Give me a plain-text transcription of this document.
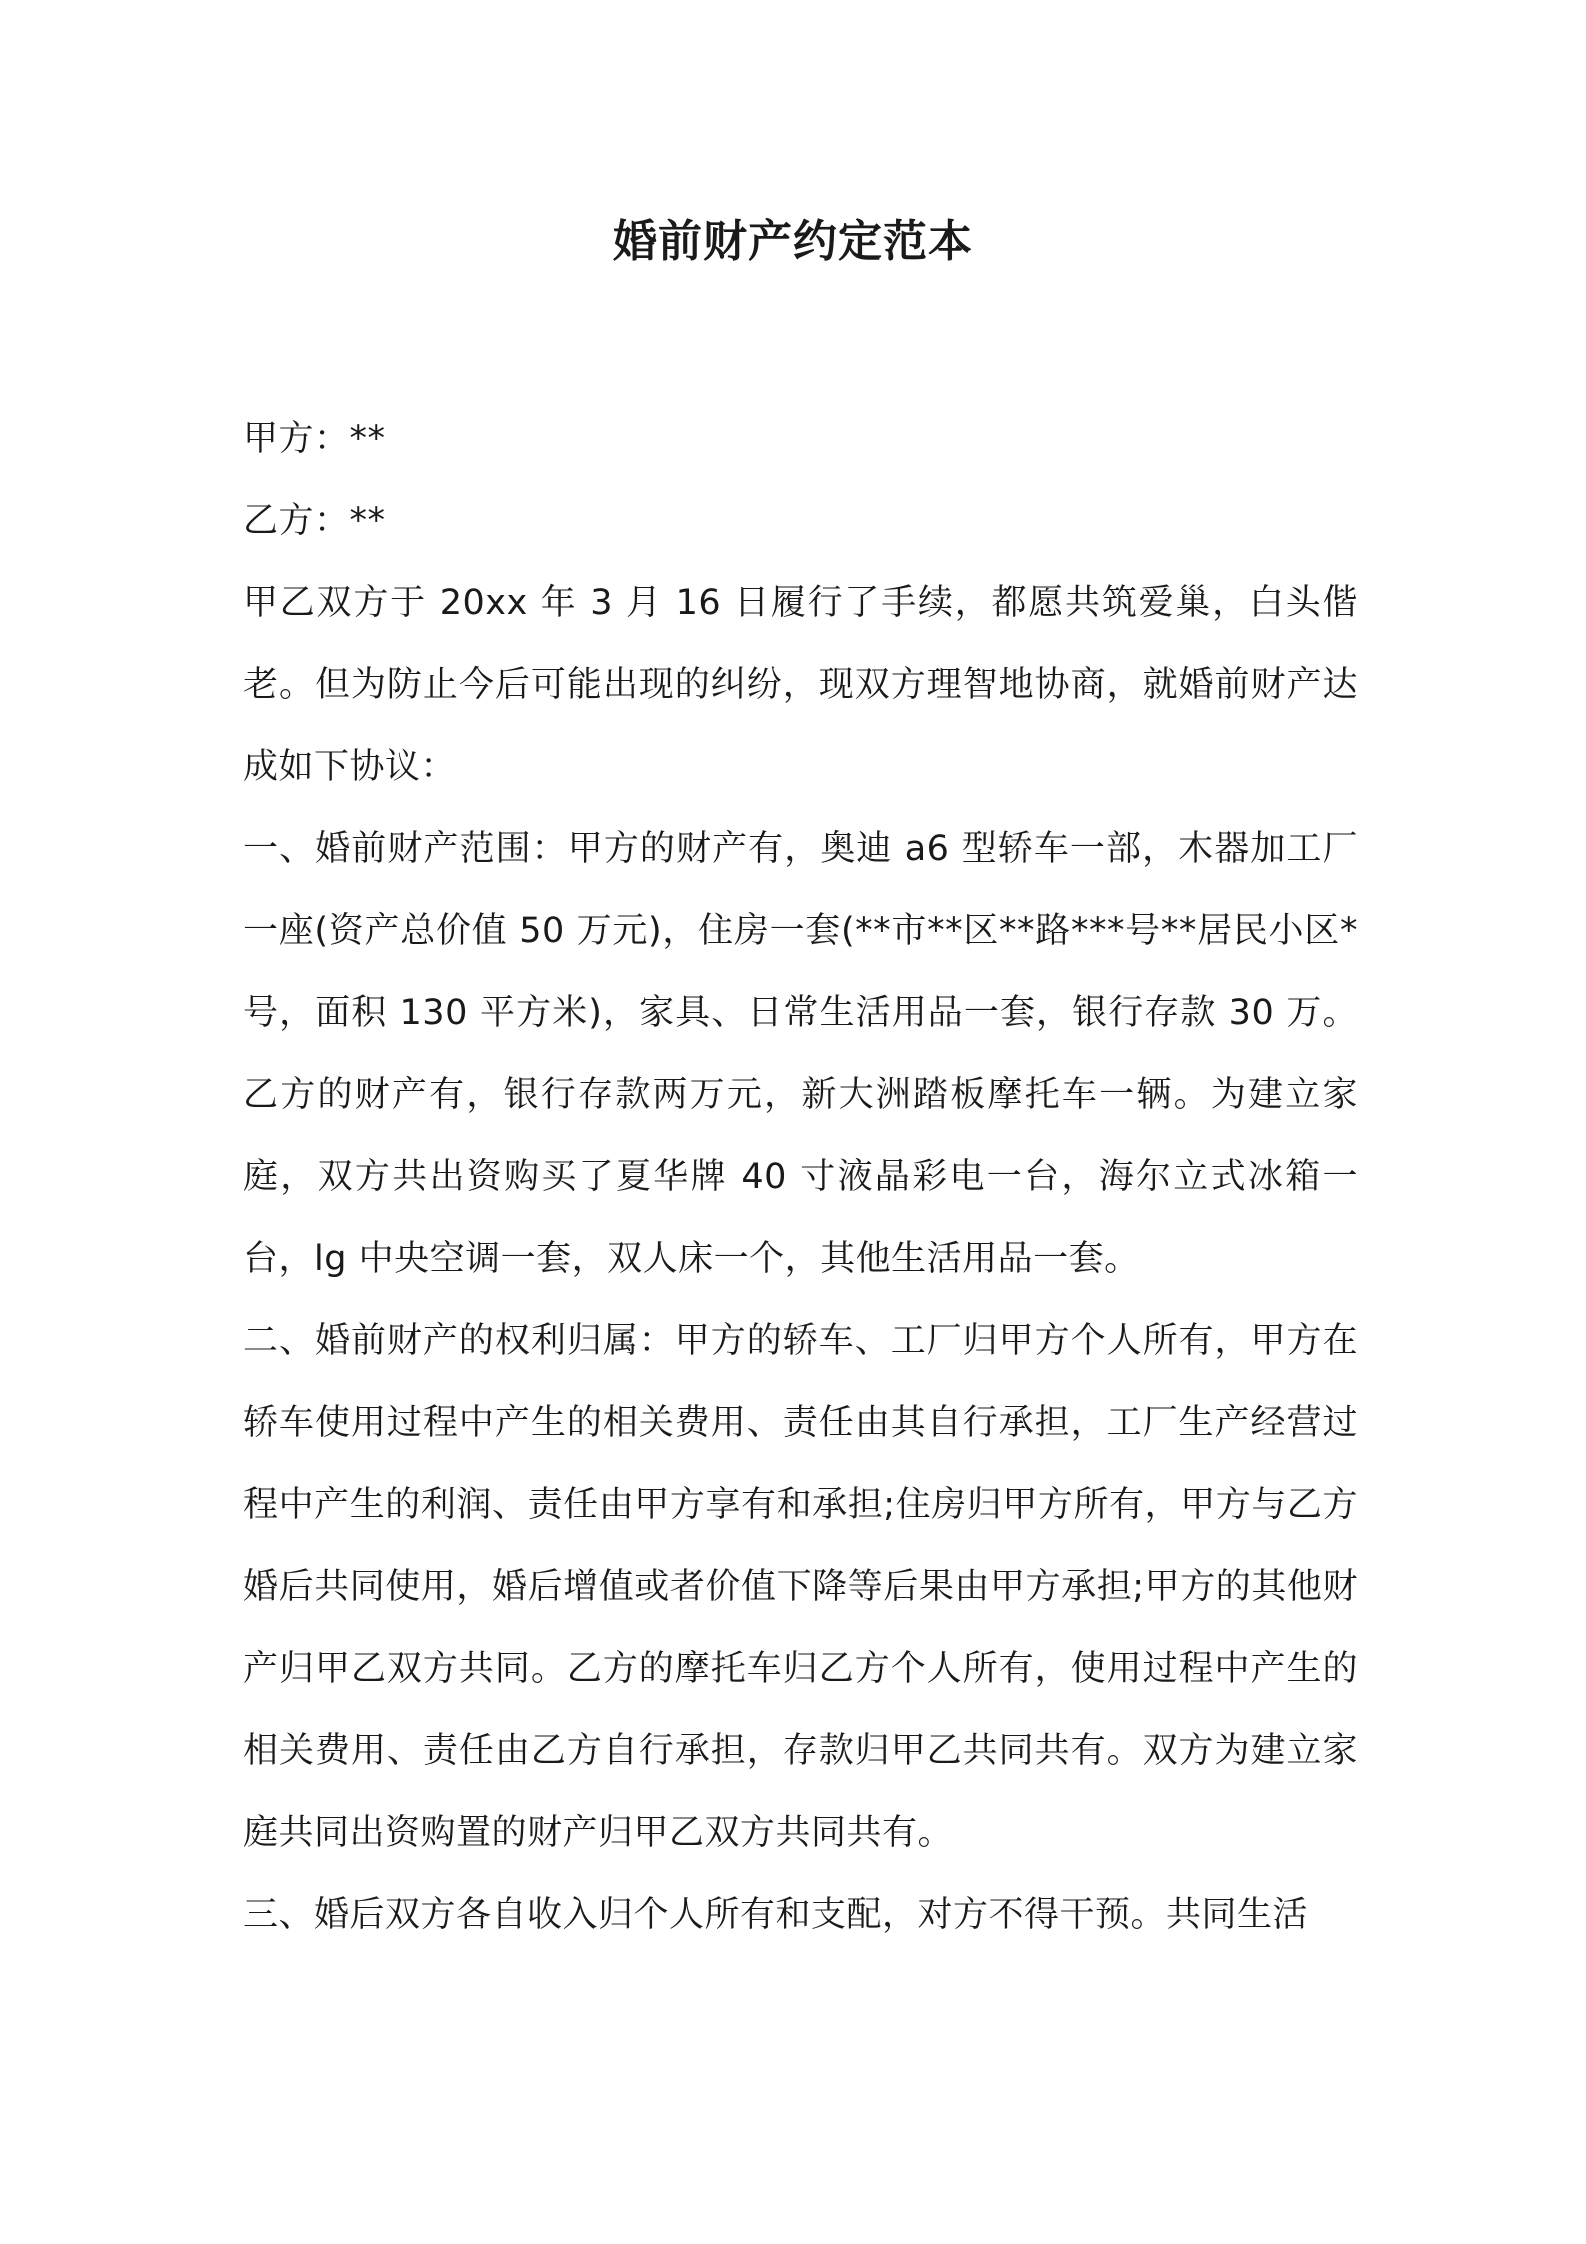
婚前财产约定范本

甲方：**

乙方：**

甲乙双方于 20xx 年 3 月 16 日履行了手续，都愿共筑爱巢，白头偕老。但为防止今后可能出现的纠纷，现双方理智地协商，就婚前财产达成如下协议：

一、婚前财产范围：甲方的财产有，奥迪 a6 型轿车一部，木器加工厂一座(资产总价值 50 万元)，住房一套(**市**区**路***号**居民小区*号，面积 130 平方米)，家具、日常生活用品一套，银行存款 30 万。乙方的财产有，银行存款两万元，新大洲踏板摩托车一辆。为建立家庭，双方共出资购买了夏华牌 40 寸液晶彩电一台，海尔立式冰箱一台，lg 中央空调一套，双人床一个，其他生活用品一套。

二、婚前财产的权利归属：甲方的轿车、工厂归甲方个人所有，甲方在轿车使用过程中产生的相关费用、责任由其自行承担，工厂生产经营过程中产生的利润、责任由甲方享有和承担;住房归甲方所有，甲方与乙方婚后共同使用，婚后增值或者价值下降等后果由甲方承担;甲方的其他财产归甲乙双方共同。乙方的摩托车归乙方个人所有，使用过程中产生的相关费用、责任由乙方自行承担，存款归甲乙共同共有。双方为建立家庭共同出资购置的财产归甲乙双方共同共有。

三、婚后双方各自收入归个人所有和支配，对方不得干预。共同生活
